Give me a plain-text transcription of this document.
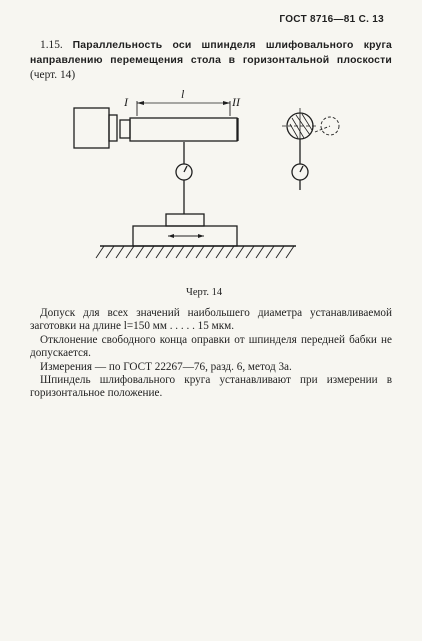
ГОСТ 8716—81 С. 13
1.15. Параллельность оси шпинделя шлифовального круга направлению перемещения стола в горизонтальной плоскости (черт. 14)
I
l
II
Черт. 14

Допуск для всех значений наибольшего диаметра устанавливаемой заготовки на длине l=150 мм . . . . . 15 мкм.

Отклонение свободного конца оправки от шпинделя передней бабки не допускается.

Измерения — по ГОСТ 22267—76, разд. 6, метод 3а.

Шпиндель шлифовального круга устанавливают при измерении в горизонтальное положение.
